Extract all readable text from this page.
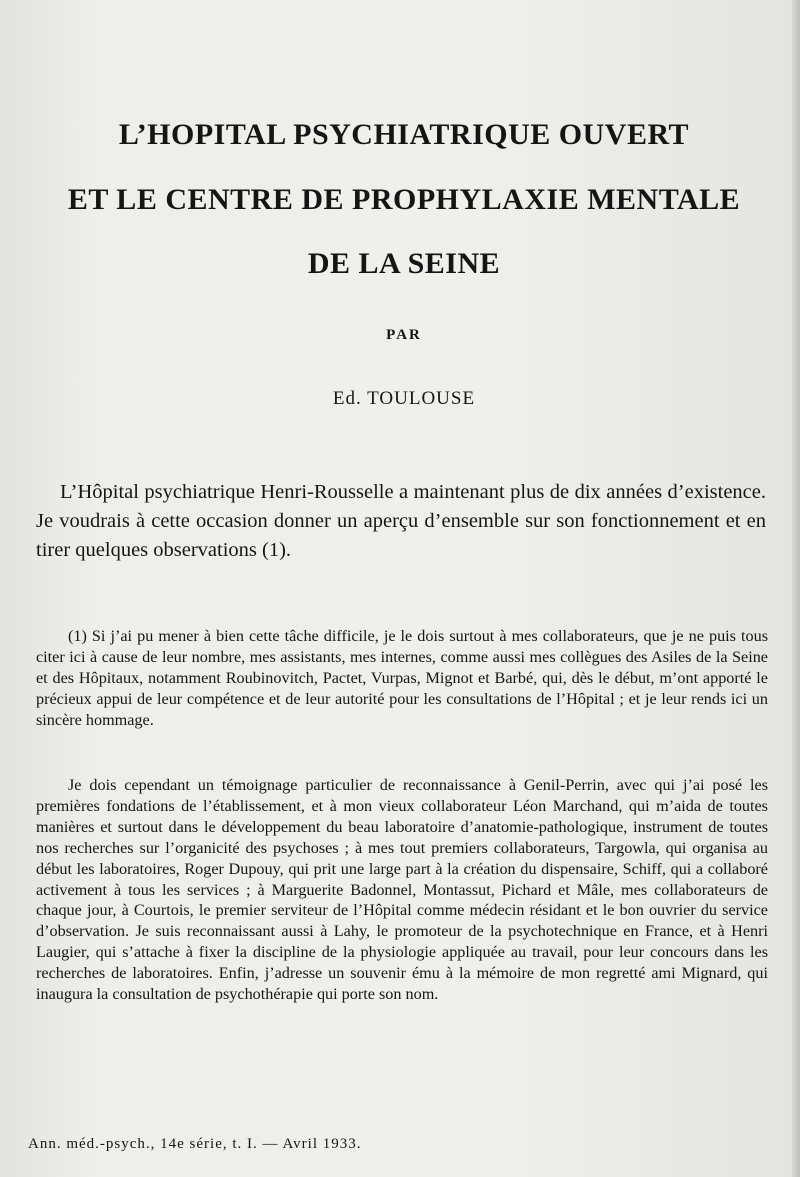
L’HOPITAL PSYCHIATRIQUE OUVERT
ET LE CENTRE DE PROPHYLAXIE MENTALE
DE LA SEINE
PAR
Ed. TOULOUSE
L’Hôpital psychiatrique Henri-Rousselle a maintenant plus de dix années d’existence. Je voudrais à cette occasion donner un aperçu d’ensemble sur son fonctionnement et en tirer quelques observations (1).
(1) Si j’ai pu mener à bien cette tâche difficile, je le dois surtout à mes collaborateurs, que je ne puis tous citer ici à cause de leur nombre, mes assistants, mes internes, comme aussi mes collègues des Asiles de la Seine et des Hôpitaux, notamment Roubinovitch, Pactet, Vurpas, Mignot et Barbé, qui, dès le début, m’ont apporté le précieux appui de leur compétence et de leur autorité pour les consultations de l’Hôpital ; et je leur rends ici un sincère hommage.
Je dois cependant un témoignage particulier de reconnaissance à Genil-Perrin, avec qui j’ai posé les premières fondations de l’établissement, et à mon vieux collaborateur Léon Marchand, qui m’aida de toutes manières et surtout dans le développement du beau laboratoire d’anatomie-pathologique, instrument de toutes nos recherches sur l’organicité des psychoses ; à mes tout premiers collaborateurs, Targowla, qui organisa au début les laboratoires, Roger Dupouy, qui prit une large part à la création du dispensaire, Schiff, qui a collaboré activement à tous les services ; à Marguerite Badonnel, Montassut, Pichard et Mâle, mes collaborateurs de chaque jour, à Courtois, le premier serviteur de l’Hôpital comme médecin résidant et le bon ouvrier du service d’observation. Je suis reconnaissant aussi à Lahy, le promoteur de la psychotechnique en France, et à Henri Laugier, qui s’attache à fixer la discipline de la physiologie appliquée au travail, pour leur concours dans les recherches de laboratoires. Enfin, j’adresse un souvenir ému à la mémoire de mon regretté ami Mignard, qui inaugura la consultation de psychothérapie qui porte son nom.
Ann. méd.-psych., 14e série, t. I. — Avril 1933.
